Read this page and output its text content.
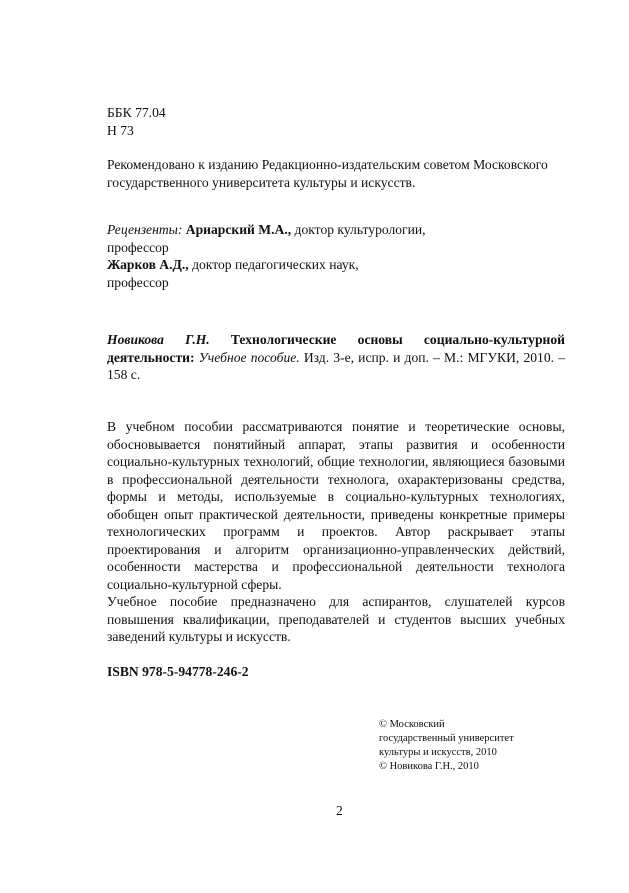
ББК 77.04
Н 73
Рекомендовано к изданию Редакционно-издательским советом Московского государственного университета культуры и искусств.
Рецензенты: Ариарский М.А., доктор культурологии,
профессор
Жарков А.Д., доктор педагогических наук,
профессор
Новикова Г.Н. Технологические основы социально-культурной деятельности: Учебное пособие. Изд. 3-е, испр. и доп. – М.: МГУКИ, 2010. – 158 с.

В учебном пособии рассматриваются понятие и теоретические основы, обосновывается понятийный аппарат, этапы развития и особенности социально-культурных технологий, общие технологии, являющиеся базовыми в профессиональной деятельности технолога, охарактеризованы средства, формы и методы, используемые в социально-культурных технологиях, обобщен опыт практической деятельности, приведены конкретные примеры технологических программ и проектов. Автор раскрывает этапы проектирования и алгоритм организационно-управленческих действий, особенности мастерства и профессиональной деятельности технолога социально-культурной сферы.

Учебное пособие предназначено для аспирантов, слушателей курсов повышения квалификации, преподавателей и студентов высших учебных заведений культуры и искусств.

ISBN 978-5-94778-246-2
© Московский
государственный университет
культуры и искусств, 2010
© Новикова Г.Н., 2010
2
